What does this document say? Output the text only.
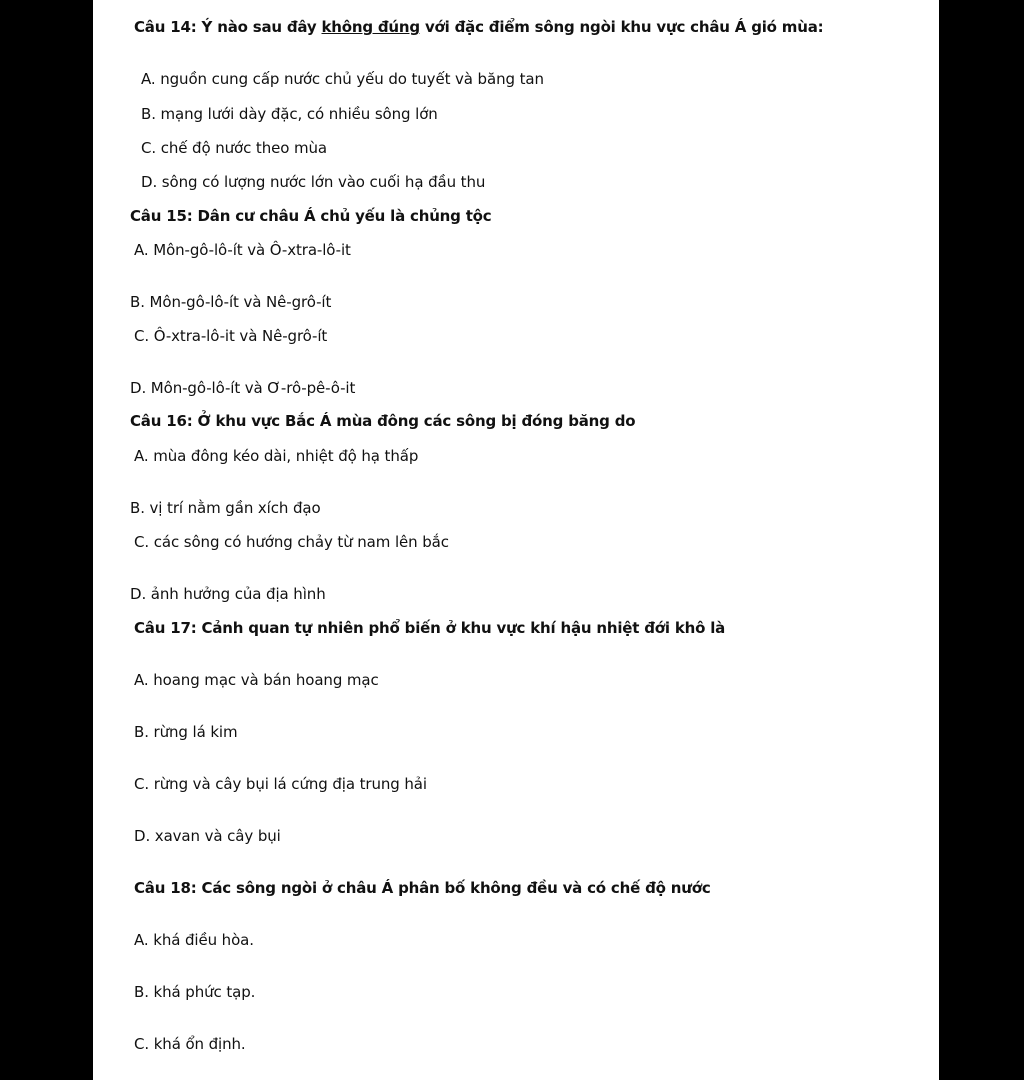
Câu 14: Ý nào sau đây không đúng với đặc điểm sông ngòi khu vực châu Á gió mùa:
A. nguồn cung cấp nước chủ yếu do tuyết và băng tan
B. mạng lưới dày đặc, có nhiều sông lớn
C. chế độ nước theo mùa
D. sông có lượng nước lớn vào cuối hạ đầu thu
Câu 15: Dân cư châu Á chủ yếu là chủng tộc
A. Môn-gô-lô-ít và Ô-xtra-lô-it
B. Môn-gô-lô-ít và Nê-grô-ít
C. Ô-xtra-lô-it và Nê-grô-ít
D. Môn-gô-lô-ít và Ơ-rô-pê-ô-it
Câu 16: Ở khu vực Bắc Á mùa đông các sông bị đóng băng do
A. mùa đông kéo dài, nhiệt độ hạ thấp
B. vị trí nằm gần xích đạo
C. các sông có hướng chảy từ nam lên bắc
D. ảnh hưởng của địa hình
Câu 17: Cảnh quan tự nhiên phổ biến ở khu vực khí hậu nhiệt đới khô là
A. hoang mạc và bán hoang mạc
B. rừng lá kim
C. rừng và cây bụi lá cứng địa trung hải
D. xavan và cây bụi
Câu 18: Các sông ngòi ở châu Á phân bố không đều và có chế độ nước
A. khá điều hòa.
B. khá phức tạp.
C. khá ổn định.
